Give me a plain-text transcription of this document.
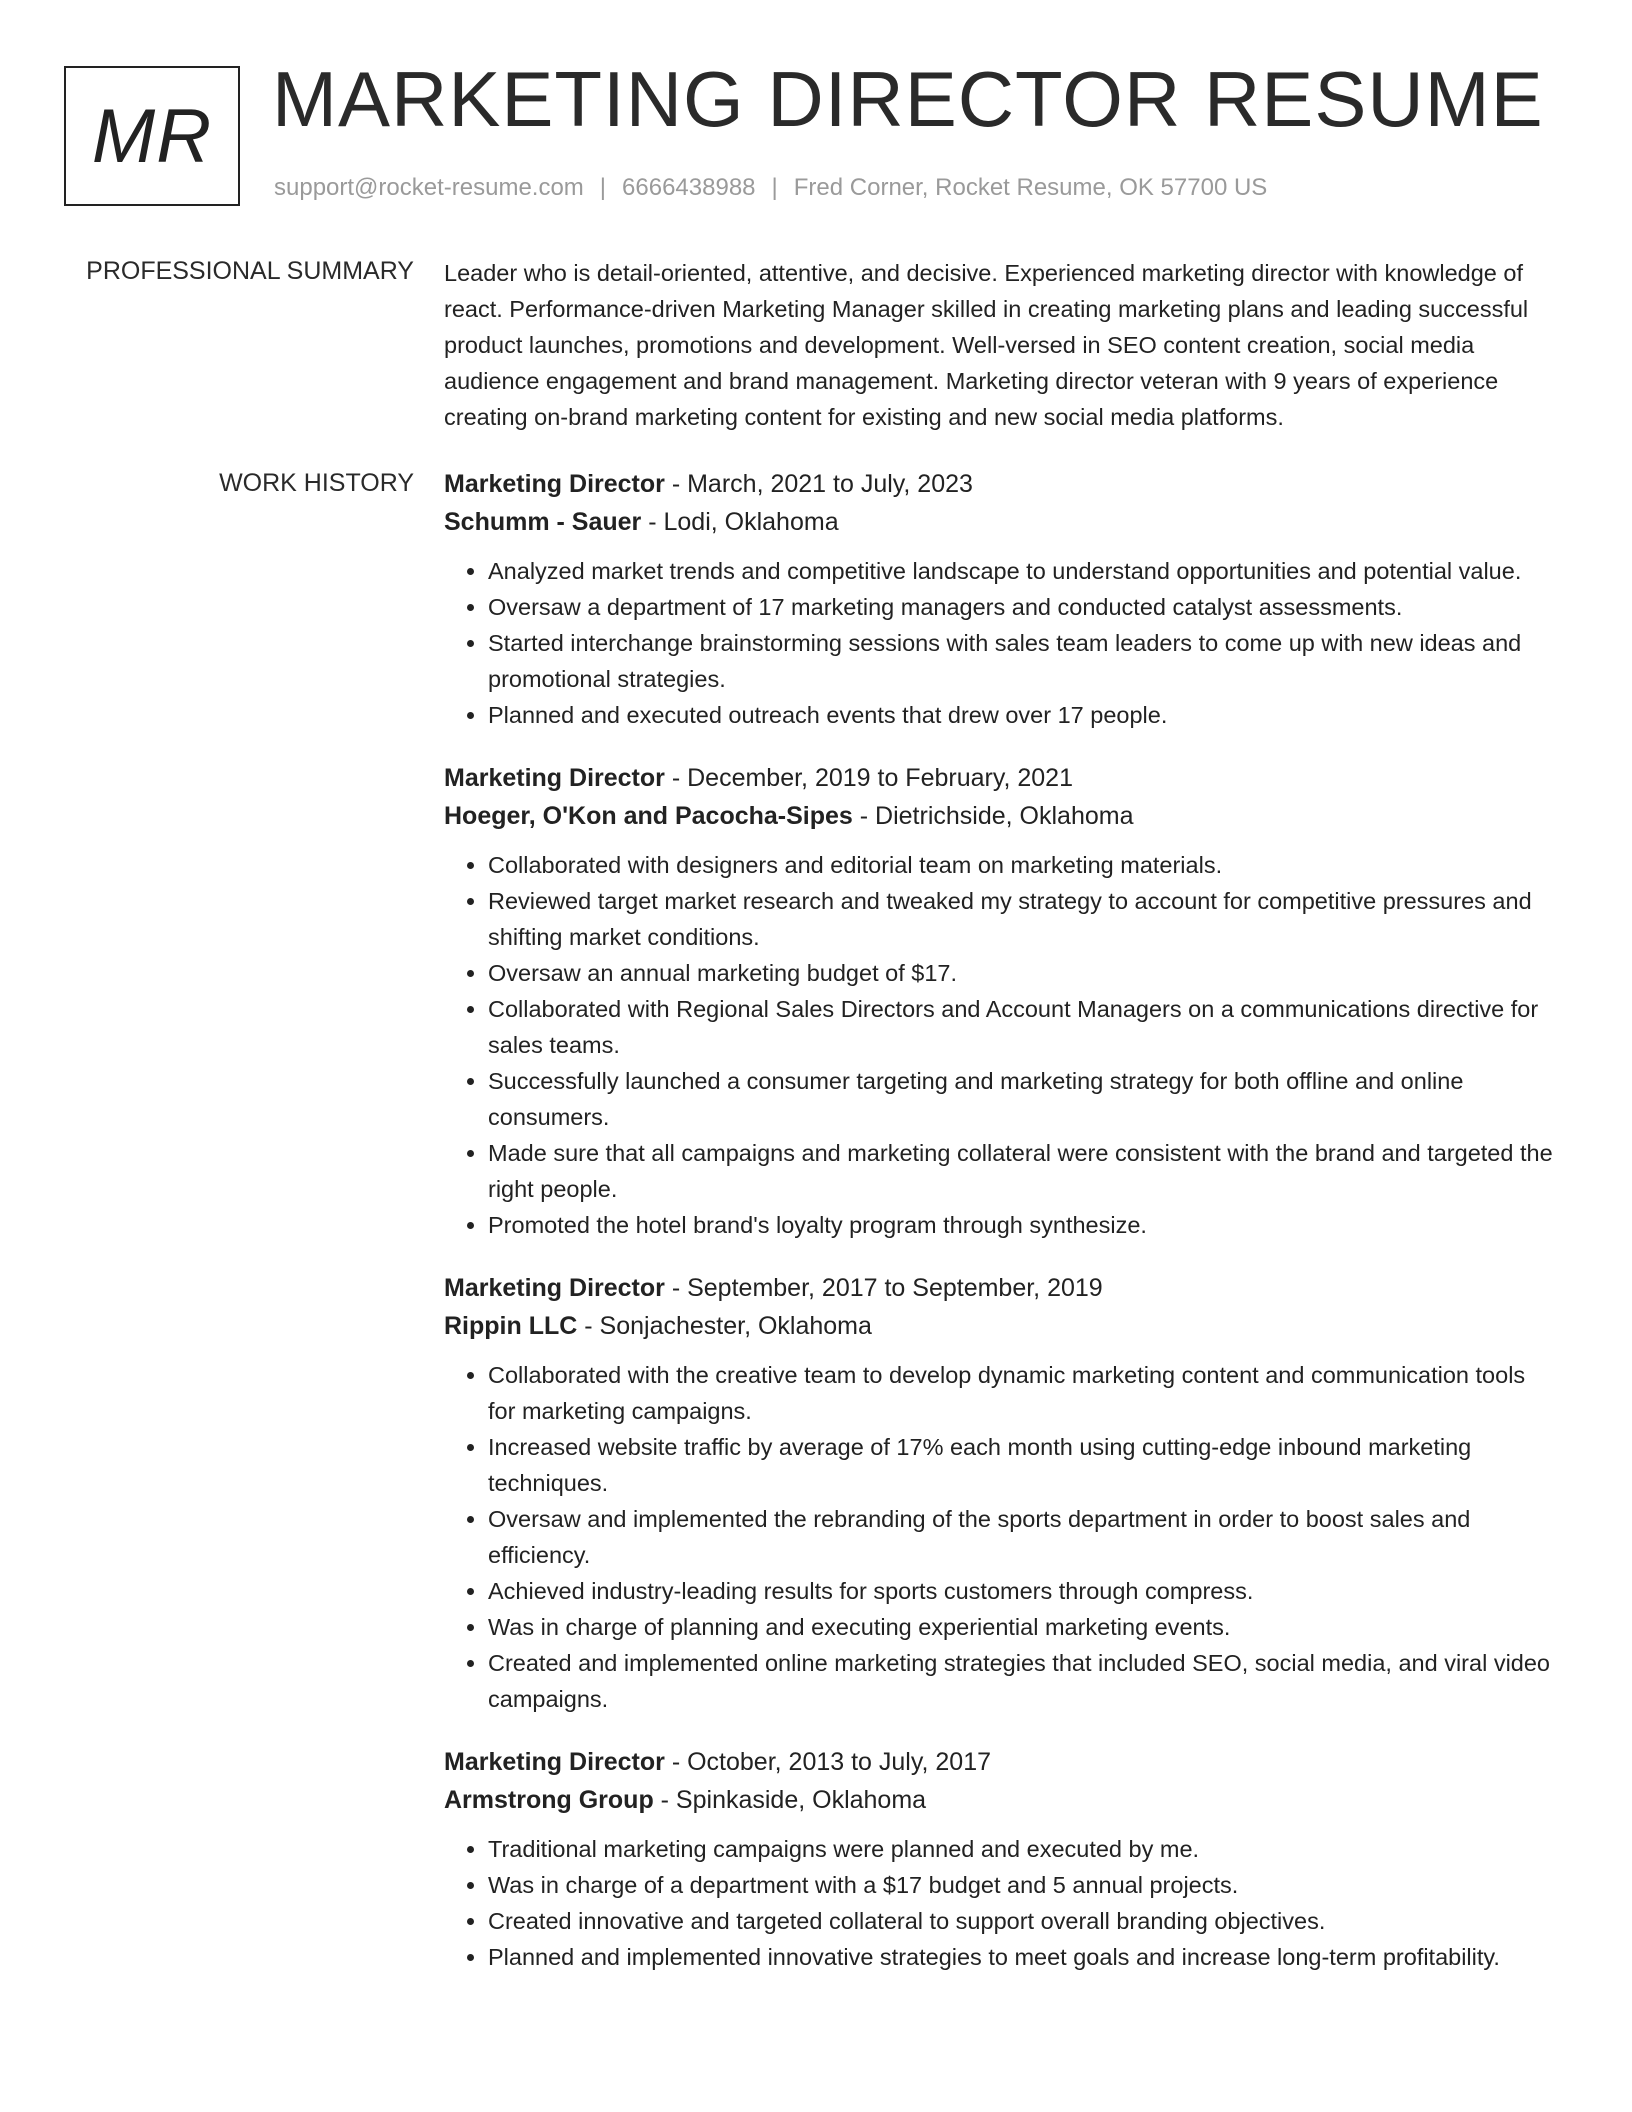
MR MARKETING DIRECTOR RESUME
support@rocket-resume.com | 6666438988 | Fred Corner, Rocket Resume, OK 57700 US
PROFESSIONAL SUMMARY Leader who is detail-oriented, attentive, and decisive. Experienced marketing director with knowledge of react. Performance-driven Marketing Manager skilled in creating marketing plans and leading successful product launches, promotions and development. Well-versed in SEO content creation, social media audience engagement and brand management. Marketing director veteran with 9 years of experience creating on-brand marketing content for existing and new social media platforms.

WORK HISTORY Marketing Director - March, 2021 to July, 2023
Schumm - Sauer - Lodi, Oklahoma
• Analyzed market trends and competitive landscape to understand opportunities and potential value.
• Oversaw a department of 17 marketing managers and conducted catalyst assessments.
• Started interchange brainstorming sessions with sales team leaders to come up with new ideas and promotional strategies.
• Planned and executed outreach events that drew over 17 people.
Marketing Director - December, 2019 to February, 2021
Hoeger, O'Kon and Pacocha-Sipes - Dietrichside, Oklahoma
• Collaborated with designers and editorial team on marketing materials.
• Reviewed target market research and tweaked my strategy to account for competitive pressures and shifting market conditions.
• Oversaw an annual marketing budget of $17.
• Collaborated with Regional Sales Directors and Account Managers on a communications directive for sales teams.
• Successfully launched a consumer targeting and marketing strategy for both offline and online consumers.
• Made sure that all campaigns and marketing collateral were consistent with the brand and targeted the right people.
• Promoted the hotel brand's loyalty program through synthesize.
Marketing Director - September, 2017 to September, 2019
Rippin LLC - Sonjachester, Oklahoma
• Collaborated with the creative team to develop dynamic marketing content and communication tools for marketing campaigns.
• Increased website traffic by average of 17% each month using cutting-edge inbound marketing techniques.
• Oversaw and implemented the rebranding of the sports department in order to boost sales and efficiency.
• Achieved industry-leading results for sports customers through compress.
• Was in charge of planning and executing experiential marketing events.
• Created and implemented online marketing strategies that included SEO, social media, and viral video campaigns.
Marketing Director - October, 2013 to July, 2017
Armstrong Group - Spinkaside, Oklahoma
• Traditional marketing campaigns were planned and executed by me.
• Was in charge of a department with a $17 budget and 5 annual projects.
• Created innovative and targeted collateral to support overall branding objectives.
• Planned and implemented innovative strategies to meet goals and increase long-term profitability.
